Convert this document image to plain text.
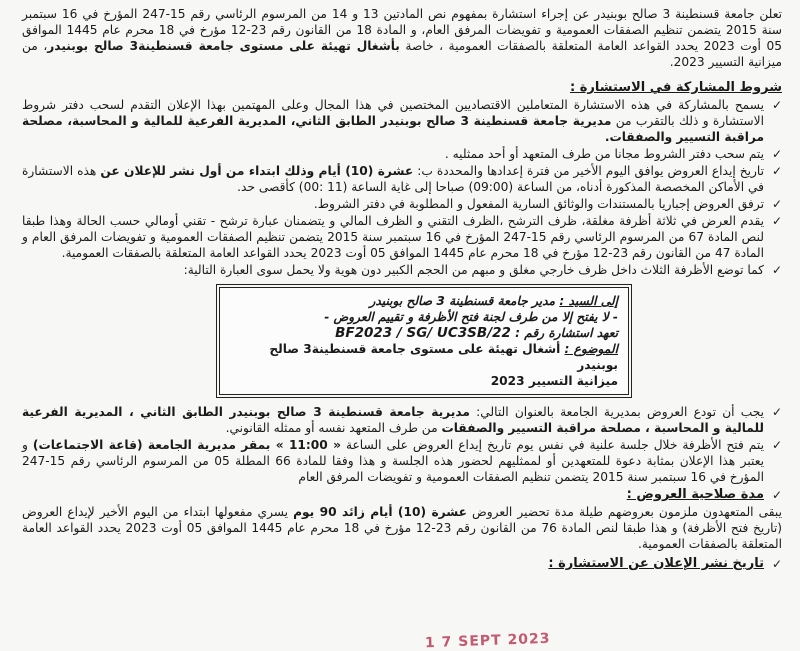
تعلن جامعة قسنطينة 3 صالح بوبنيدر عن إجراء استشارة بمفهوم نص المادتين 13 و 14 من المرسوم الرئاسي رقم 15-247 المؤرخ في 16 سبتمبر سنة 2015 يتضمن تنظيم الصفقات العمومية و تفويضات المرفق العام، و المادة 18 من القانون رقم 23-12 مؤرخ في 18 محرم عام 1445 الموافق 05 أوت 2023 يحدد القواعد العامة المتعلقة بالصفقات العمومية ، خاصة بأشغال تهيئة على مستوى جامعة قسنطينة3 صالح بوبنيدر، من ميزانية التسيير 2023.

شروط المشاركة في الاستشارة :
✓
يسمح بالمشاركة في هذه الاستشارة المتعاملين الاقتصاديين المختصين في هذا المجال وعلى المهتمين بهذا الإعلان التقدم لسحب دفتر شروط الاستشارة و ذلك بالتقرب من مديرية جامعة قسنطينة 3 صالح بوبنيدر الطابق الثاني، المديرية الفرعية للمالية و المحاسبة، مصلحة مراقبة التسيير والصفقات.
✓
يتم سحب دفتر الشروط مجانا من طرف المتعهد أو أحد ممثليه .
✓
تاريخ إيداع العروض يوافق اليوم الأخير من فترة إعدادها والمحددة ب: عشرة (10) أيام وذلك ابتداء من أول نشر للإعلان عن هذه الاستشارة في الأماكن المخصصة المذكورة أدناه، من الساعة (09:00) صباحا إلى غاية الساعة (11 :00) كأقصى حد.
✓
ترفق العروض إجباريا بالمستندات والوثائق السارية المفعول و المطلوبة في دفتر الشروط.
✓
يقدم العرض في ثلاثة أظرفة مغلقة، ظرف الترشح ،الظرف التقني و الظرف المالي و يتضمنان عبارة ترشح - تقني أومالي حسب الحالة وهذا طبقا لنص المادة 67 من المرسوم الرئاسي رقم 15-247 المؤرخ في 16 سبتمبر سنة 2015 يتضمن تنظيم الصفقات العمومية و تفويضات المرفق العام و المادة 47 من القانون رقم 23-12 مؤرخ في 18 محرم عام 1445 الموافق 05 أوت 2023 يحدد القواعد العامة المتعلقة بالصفقات العمومية.
✓
كما توضع الأظرفة الثلاث داخل ظرف خارجي مغلق و مبهم من الحجم الكبير دون هوية ولا يحمل سوى العبارة التالية:
إلى السيد : مدير جامعة قسنطينة 3 صالح بوبنيدر
- لا يفتح إلا من طرف لجنة فتح الأظرفة و تقييم العروض -
تعهد استشارة رقم : BF2023 / SG/ UC3SB/22
الموضوع : أشغال تهيئة على مستوى جامعة قسنطينة3 صالح بوبنيدر
ميزانية التسيير 2023
✓
يجب أن تودع العروض بمديرية الجامعة بالعنوان التالي: مديرية جامعة قسنطينة 3 صالح بوبنيدر الطابق الثاني ، المديرية الفرعية للمالية و المحاسبة ، مصلحة مراقبة التسيير والصفقات من طرف المتعهد نفسه أو ممثله القانوني.
✓
يتم فتح الأظرفة خلال جلسة علنية في نفس يوم تاريخ إيداع العروض على الساعة « 11:00 » بمقر مديرية الجامعة (قاعة الاجتماعات) و يعتبر هذا الإعلان بمثابة دعوة للمتعهدين أو لممثليهم لحضور هذه الجلسة و هذا وفقا للمادة 66 المطلة 05 من المرسوم الرئاسي رقم 15-247 المؤرخ في 16 سبتمبر سنة 2015 يتضمن تنظيم الصفقات العمومية و تفويضات المرفق العام
✓
مدة صلاحية العروض :

يبقى المتعهدون ملزمون بعروضهم طيلة مدة تحضير العروض عشرة (10) أيام زائد 90 يوم يسري مفعولها ابتداء من اليوم الأخير لإيداع العروض (تاريخ فتح الأظرفة) و هذا طبقا لنص المادة 76 من القانون رقم 23-12 مؤرخ في 18 محرم عام 1445 الموافق 05 أوت 2023 يحدد القواعد العامة المتعلقة بالصفقات العمومية.

✓
تاريخ نشر الإعلان عن الاستشارة :
1 7 SEPT 2023
